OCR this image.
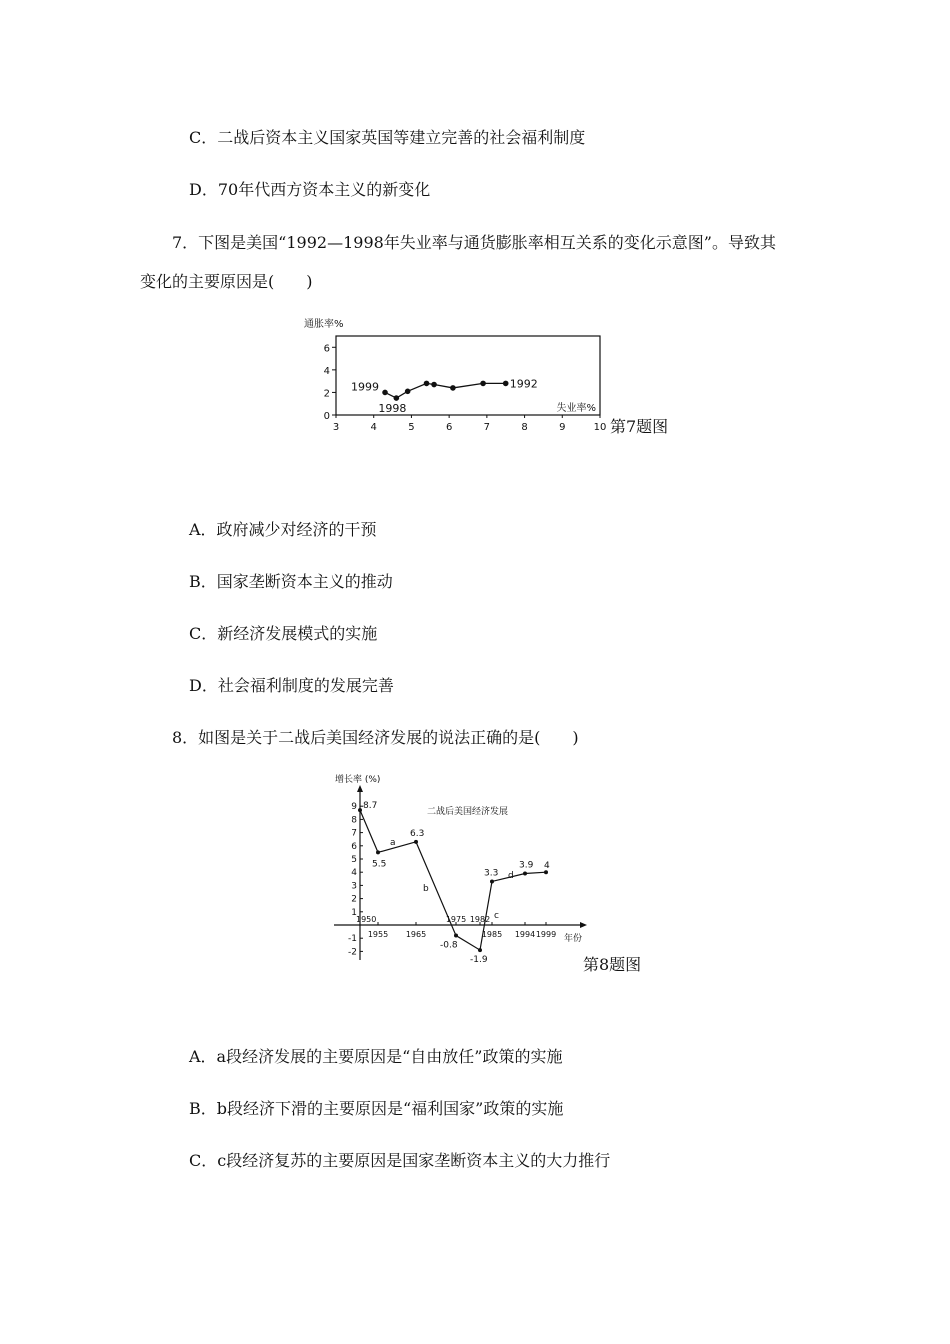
C．二战后资本主义国家英国等建立完善的社会福利制度
D．70年代西方资本主义的新变化
7．下图是美国“1992—1998年失业率与通货膨胀率相互关系的变化示意图”。导致其
变化的主要原因是(　　)
通胀率%
失业率%
0
2
4
6
3	4	5	6	7	8	9	10
1999
1998
1992
第7题图
A．政府减少对经济的干预
B．国家垄断资本主义的推动
C．新经济发展模式的实施
D．社会福利制度的发展完善
8．如图是关于二战后美国经济发展的说法正确的是(　　)
增长率 (%)
年份
二战后美国经济发展
-2
-1
1
2
3
4
5
6
7
8
9
1950
1955 1965
1975 1982
1985 1994 1999
8.7
5.5
6.3
-0.8
-1.9
3.3
3.9 4
a
b
c
d
第8题图
A．a段经济发展的主要原因是“自由放任”政策的实施
B．b段经济下滑的主要原因是“福利国家”政策的实施
C．c段经济复苏的主要原因是国家垄断资本主义的大力推行
